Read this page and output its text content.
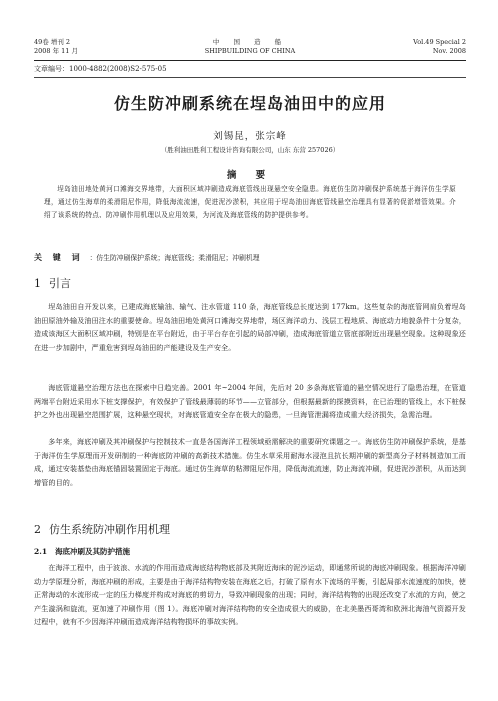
49卷 增刊 2
2008 年 11 月
中 国 造 船
SHIPBUILDING OF CHINA
Vol.49 Special 2
Nov. 2008
文章编号：1000-4882(2008)S2-575-05
仿生防冲刷系统在埕岛油田中的应用
刘锡昆，张宗峰
（胜利油田胜利工程设计咨询有限公司，山东 东营 257026）
摘 要
埕岛油田地处黄河口滩海交界地带，大面积区域冲刷造成海底管线出现悬空安全隐患。海底仿生防冲刷保护系统基于海洋仿生学原理，通过仿生海草的柔滑阻尼作用，降低海流流速，促进泥沙淤积，其应用于埕岛油田海底管线悬空治理具有显著的促淤增管效果。介绍了该系统的特点、防冲刷作用机理以及应用效果，为河流及海底管线的防护提供参考。
关 键 词 ：仿生防冲刷保护系统；海底管线；柔滑阻尼；冲刷机理
1 引言
埕岛油田自开发以来，已建成海底输油、输气、注水管道 110 条，海底管线总长度达到 177km。这些复杂的海底管网肩负着埕岛油田原油外输及油田注水的重要使命。埕岛油田地处黄河口滩海交界地带，场区海洋动力、浅层工程地质、海底动力地貌条件十分复杂，造成该海区大面积区域冲刷，特别是在平台附近，由于平台存在引起的局部冲刷，造成海底管道立管底部附近出现悬空现象。这种现象还在进一步加剧中，严重危害到埕岛油田的产能建设及生产安全。
海底管道悬空治理方法也在探索中日趋完善。2001 年~2004 年间，先后对 20 多条海底管道的悬空情况进行了隐患治理，在管道两端平台附近采用水下桩支撑保护，有效保护了管线最薄弱的环节——立管部分，但根据最新的探摸资料，在已治理的管线上，水下桩保护之外也出现悬空范围扩展，这种悬空现状，对海底管道安全存在极大的隐患，一旦海管泄漏将造成重大经济损失，急需治理。
多年来，海底冲刷及其冲刷保护与控制技术一直是各国海洋工程领域亟需解决的重要研究课题之一。海底仿生防冲刷保护系统，是基于海洋仿生学原理而开发研制的一种海底防冲刷的高新技术措施。仿生水草采用耐海水浸泡且抗长期冲刷的新型高分子材料制造加工而成，通过安装基垫由海底锚固装置固定于海底。通过仿生海草的粘滞阻尼作用，降低海流流速，防止海流冲刷，促进泥沙淤积，从而达到增管的目的。
2 仿生系统防冲刷作用机理
2.1 海底冲刷及其防护措施
在海洋工程中，由于波浪、水流的作用而造成海底结构物底部及其附近海床的泥沙运动，即通常所说的海底冲刷现象。根据海洋冲刷动力学原理分析，海底冲刷的形成，主要是由于海洋结构物安装在海底之后，打破了原有水下流场的平衡，引起局部水流速度的加快，使正常海动的水流形成一定的压力梯度并构成对海底的剪切力，导致冲刷现象的出现；同时，海洋结构物的出现还改变了水流的方向，使之产生漩涡和旋流，更加速了冲刷作用（图 1）。海底冲刷对海洋结构物的安全造成很大的威胁，在北美墨西哥湾和欧洲北海油气资源开发过程中，就有不少因海洋冲刷而造成海洋结构物损坏的事故实例。
